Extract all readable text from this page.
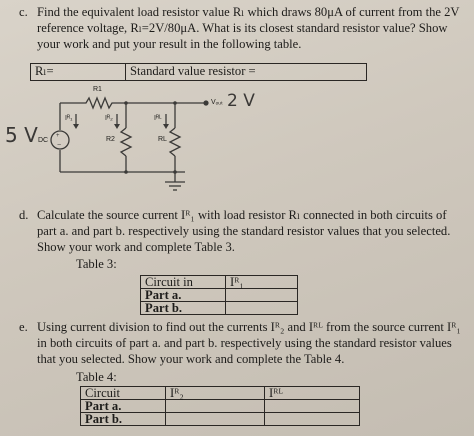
c. Find the equivalent load resistor value Rₗ which draws 80μA of current from the 2V
reference voltage, Rₗ=2V/80μA. What is its closest standard resistor value? Show
your work and put your result in the following table.
Rₗ=	Standard value resistor =
+
−
R1
Vₒᵤₜ 2 V
5 V DC
Iᴿ₁	Iᴿ₂	Iᴿᴸ
R2	RL
d. Calculate the source current Iᴿ₁ with load resistor Rₗ connected in both circuits of
part a. and part b. respectively using the standard resistor values that you selected.
Show your work and complete Table 3.
Table 3:
Circuit in	Iᴿ₁
Part a.	
Part b.	
e. Using current division to find out the currents Iᴿ₂ and Iᴿᴸ from the source current Iᴿ₁
in both circuits of part a. and part b. respectively using the standard resistor values
that you selected. Show your work and complete the Table 4.
Table 4:
Circuit	Iᴿ₂	Iᴿᴸ
Part a.		
Part b.		
